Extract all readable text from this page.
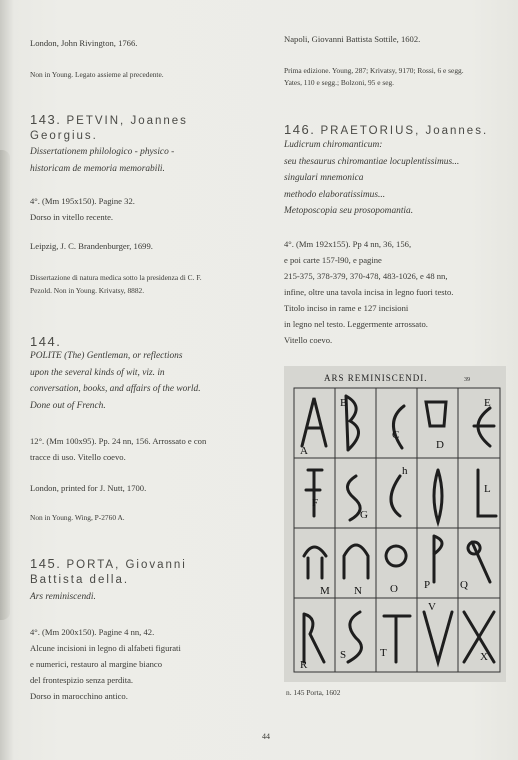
London, John Rivington, 1766.
Non in Young. Legato assieme al precedente.
143. PETVIN, Joannes
Georgius.
Dissertationem philologico - physico -
historicam de memoria memorabili.
4°. (Mm 195x150). Pagine 32.
Dorso in vitello recente.
Leipzig, J. C. Brandenburger, 1699.
Dissertazione di natura medica sotto la presidenza di C. F.
Pezold. Non in Young. Krivatsy, 8882.
144.
POLITE (The) Gentleman, or reflections
upon the several kinds of wit, viz. in
conversation, books, and affairs of the world.
Done out of French.
12°. (Mm 100x95). Pp. 24 nn, 156. Arrossato e con
tracce di uso. Vitello coevo.
London, printed for J. Nutt, 1700.
Non in Young. Wing, P-2760 A.
145. PORTA, Giovanni
Battista della.
Ars reminiscendi.
4°. (Mm 200x150). Pagine 4 nn, 42.
Alcune incisioni in legno di alfabeti figurati
e numerici, restauro al margine bianco
del frontespizio senza perdita.
Dorso in marocchino antico.
Napoli, Giovanni Battista Sottile, 1602.
Prima edizione. Young, 287; Krivatsy, 9170; Rossi, 6 e segg.
Yates, 110 e segg.; Bolzoni, 95 e seg.
146. PRAETORIUS, Joannes.
Ludicrum chiromanticum:
seu thesaurus chiromantiae locuplentissimus...
singulari mnemonica
methodo elaboratissimus...
Metoposcopia seu prosopomantia.
4°. (Mm 192x155). Pp 4 nn, 36, 156,
e poi carte 157-l90, e pagine
215-375, 378-379, 370-478, 483-1026, e 48 nn,
infine, oltre una tavola incisa in legno fuori testo.
Titolo inciso in rame e 127 incisioni
in legno nel testo. Leggermente arrossato.
Vitello coevo.
ARS REMINISCENDI.	39
A
B
C
D
E
F
G
h
L
M N	O P	Q
R
S	T
V
X
n. 145 Porta, 1602
44
